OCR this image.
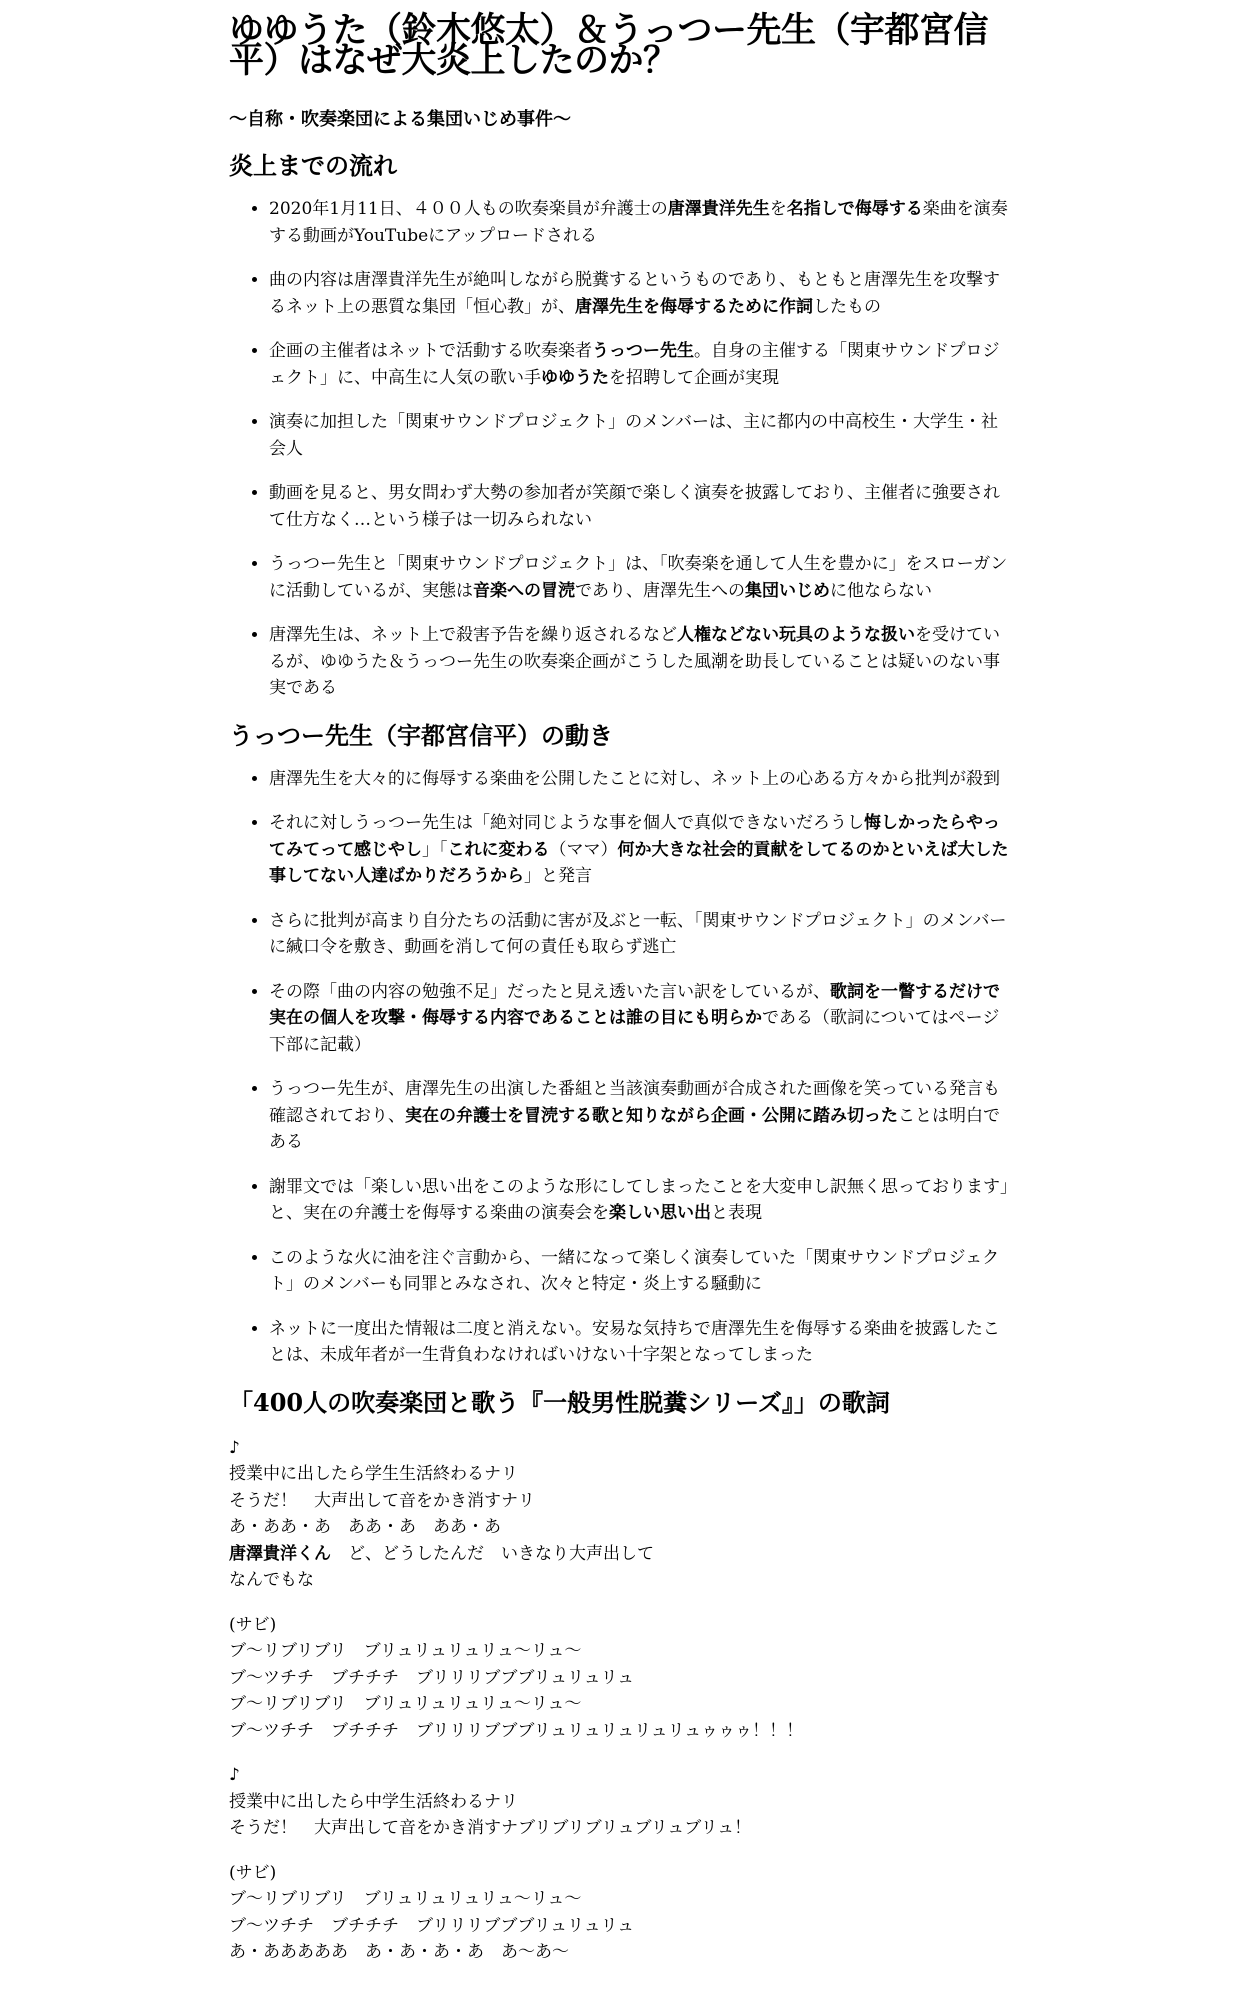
ゆゆうた（鈴木悠太）＆うっつー先生（宇都宮信平）はなぜ大炎上したのか？
～自称・吹奏楽団による集団いじめ事件～
炎上までの流れ
• 2020年1月11日、４００人もの吹奏楽員が弁護士の唐澤貴洋先生を名指しで侮辱する楽曲を演奏する動画がYouTubeにアップロードされる
• 曲の内容は唐澤貴洋先生が絶叫しながら脱糞するというものであり、もともと唐澤先生を攻撃するネット上の悪質な集団「恒心教」が、唐澤先生を侮辱するために作詞したもの
• 企画の主催者はネットで活動する吹奏楽者うっつー先生。自身の主催する「関東サウンドプロジェクト」に、中高生に人気の歌い手ゆゆうたを招聘して企画が実現
• 演奏に加担した「関東サウンドプロジェクト」のメンバーは、主に都内の中高校生・大学生・社会人
• 動画を見ると、男女問わず大勢の参加者が笑顔で楽しく演奏を披露しており、主催者に強要されて仕方なく…という様子は一切みられない
• うっつー先生と「関東サウンドプロジェクト」は、「吹奏楽を通して人生を豊かに」をスローガンに活動しているが、実態は音楽への冒涜であり、唐澤先生への集団いじめに他ならない
• 唐澤先生は、ネット上で殺害予告を繰り返されるなど人権などない玩具のような扱いを受けているが、ゆゆうた＆うっつー先生の吹奏楽企画がこうした風潮を助長していることは疑いのない事実である
うっつー先生（宇都宮信平）の動き
• 唐澤先生を大々的に侮辱する楽曲を公開したことに対し、ネット上の心ある方々から批判が殺到
• それに対しうっつー先生は「絶対同じような事を個人で真似できないだろうし悔しかったらやってみてって感じやし」「これに変わる（ママ）何か大きな社会的貢献をしてるのかといえば大した事してない人達ばかりだろうから」と発言
• さらに批判が高まり自分たちの活動に害が及ぶと一転、「関東サウンドプロジェクト」のメンバーに緘口令を敷き、動画を消して何の責任も取らず逃亡
• その際「曲の内容の勉強不足」だったと見え透いた言い訳をしているが、歌詞を一瞥するだけで実在の個人を攻撃・侮辱する内容であることは誰の目にも明らかである（歌詞についてはページ下部に記載）
• うっつー先生が、唐澤先生の出演した番組と当該演奏動画が合成された画像を笑っている発言も確認されており、実在の弁護士を冒涜する歌と知りながら企画・公開に踏み切ったことは明白である
• 謝罪文では「楽しい思い出をこのような形にしてしまったことを大変申し訳無く思っております」と、実在の弁護士を侮辱する楽曲の演奏会を楽しい思い出と表現
• このような火に油を注ぐ言動から、一緒になって楽しく演奏していた「関東サウンドプロジェクト」のメンバーも同罪とみなされ、次々と特定・炎上する騒動に
• ネットに一度出た情報は二度と消えない。安易な気持ちで唐澤先生を侮辱する楽曲を披露したことは、未成年者が一生背負わなければいけない十字架となってしまった
「400人の吹奏楽団と歌う『一般男性脱糞シリーズ』」の歌詞
♪
授業中に出したら学生生活終わるナリ
そうだ！　大声出して音をかき消すナリ
あ・ああ・あ　ああ・あ　ああ・あ
唐澤貴洋くん　ど、どうしたんだ　いきなり大声出して
なんでもな
(サビ)
ブ～リブリブリ　ブリュリュリュリュ～リュ～
ブ～ツチチ　ブチチチ　ブリリリブブブリュリュリュ
ブ～リブリブリ　ブリュリュリュリュ～リュ～
ブ～ツチチ　ブチチチ　ブリリリブブブリュリュリュリュリュゥゥゥ！！！
♪
授業中に出したら中学生活終わるナリ
そうだ！　大声出して音をかき消すナブリブリブリュブリュブリュ！
(サビ)
ブ～リブリブリ　ブリュリュリュリュ～リュ～
ブ～ツチチ　ブチチチ　ブリリリブブブリュリュリュ
あ・あああああ　あ・あ・あ・あ　あ～あ～
